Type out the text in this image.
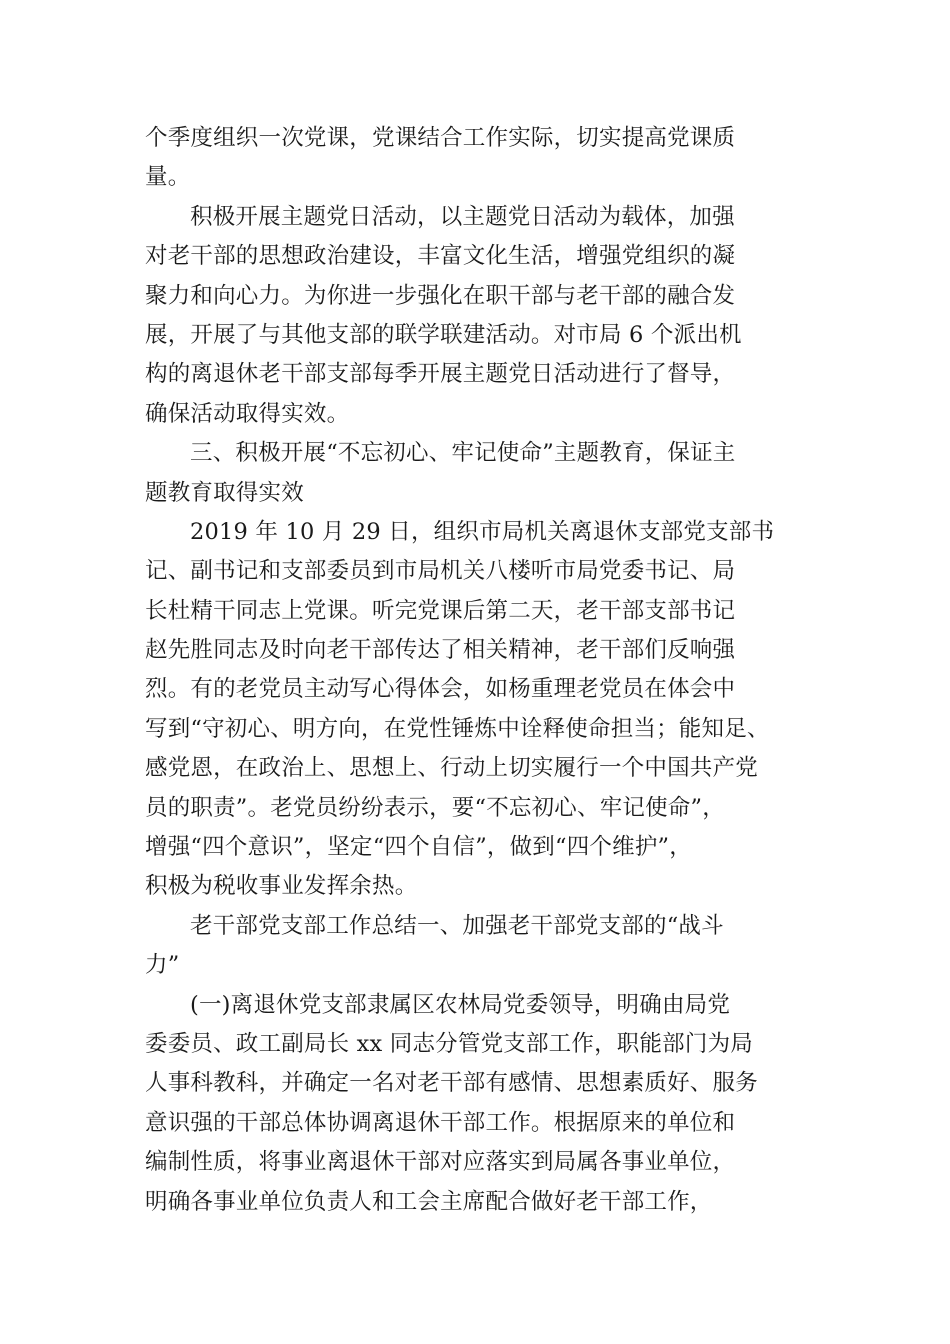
个季度组织一次党课，党课结合工作实际，切实提高党课质
量。
积极开展主题党日活动，以主题党日活动为载体，加强
对老干部的思想政治建设，丰富文化生活，增强党组织的凝
聚力和向心力。为你进一步强化在职干部与老干部的融合发
展，开展了与其他支部的联学联建活动。对市局 6 个派出机
构的离退休老干部支部每季开展主题党日活动进行了督导，
确保活动取得实效。
三、积极开展“不忘初心、牢记使命”主题教育，保证主
题教育取得实效
2019 年 10 月 29 日，组织市局机关离退休支部党支部书
记、副书记和支部委员到市局机关八楼听市局党委书记、局
长杜精干同志上党课。听完党课后第二天，老干部支部书记
赵先胜同志及时向老干部传达了相关精神，老干部们反响强
烈。有的老党员主动写心得体会，如杨重理老党员在体会中
写到“守初心、明方向，在党性锤炼中诠释使命担当；能知足、
感党恩，在政治上、思想上、行动上切实履行一个中国共产党
员的职责”。老党员纷纷表示，要“不忘初心、牢记使命”，
增强“四个意识”，坚定“四个自信”，做到“四个维护”，
积极为税收事业发挥余热。
老干部党支部工作总结一、加强老干部党支部的“战斗
力”
(一)离退休党支部隶属区农林局党委领导，明确由局党
委委员、政工副局长 xx 同志分管党支部工作，职能部门为局
人事科教科，并确定一名对老干部有感情、思想素质好、服务
意识强的干部总体协调离退休干部工作。根据原来的单位和
编制性质，将事业离退休干部对应落实到局属各事业单位，
明确各事业单位负责人和工会主席配合做好老干部工作，
